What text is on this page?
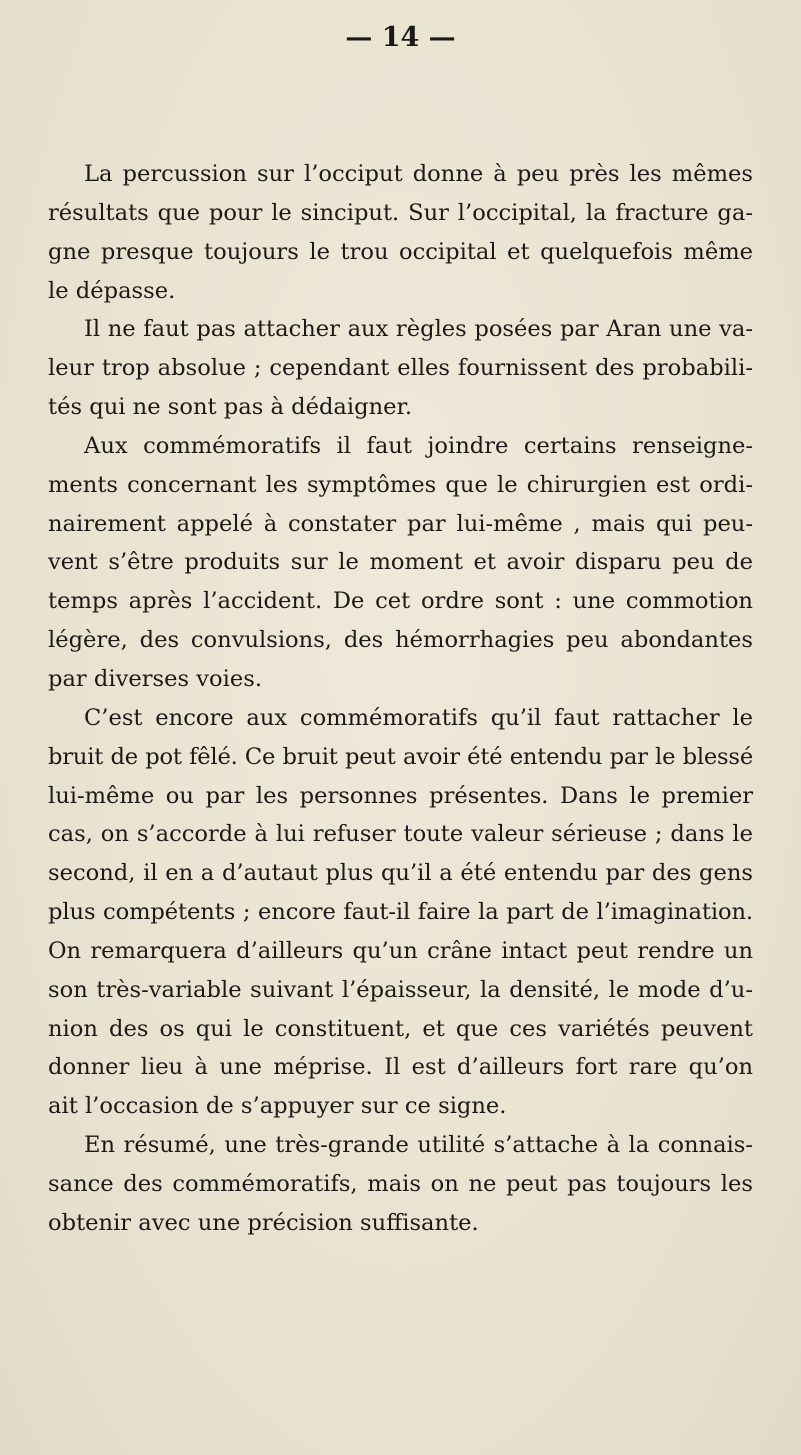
— 14 —
La percussion sur l’occiput donne à peu près les mêmes
résultats que pour le sinciput. Sur l’occipital, la fracture ga-
gne presque toujours le trou occipital et quelquefois même
le dépasse.
Il ne faut pas attacher aux règles posées par Aran une va-
leur trop absolue ; cependant elles fournissent des probabili-
tés qui ne sont pas à dédaigner.
Aux commémoratifs il faut joindre certains renseigne-
ments concernant les symptômes que le chirurgien est ordi-
nairement appelé à constater par lui-même , mais qui peu-
vent s’être produits sur le moment et avoir disparu peu de
temps après l’accident. De cet ordre sont : une commotion
légère, des convulsions, des hémorrhagies peu abondantes
par diverses voies.
C’est encore aux commémoratifs qu’il faut rattacher le
bruit de pot fêlé. Ce bruit peut avoir été entendu par le blessé
lui-même ou par les personnes présentes. Dans le premier
cas, on s’accorde à lui refuser toute valeur sérieuse ; dans le
second, il en a d’autaut plus qu’il a été entendu par des gens
plus compétents ; encore faut-il faire la part de l’imagination.
On remarquera d’ailleurs qu’un crâne intact peut rendre un
son très-variable suivant l’épaisseur, la densité, le mode d’u-
nion des os qui le constituent, et que ces variétés peuvent
donner lieu à une méprise. Il est d’ailleurs fort rare qu’on
ait l’occasion de s’appuyer sur ce signe.
En résumé, une très-grande utilité s’attache à la connais-
sance des commémoratifs, mais on ne peut pas toujours les
obtenir avec une précision suffisante.
